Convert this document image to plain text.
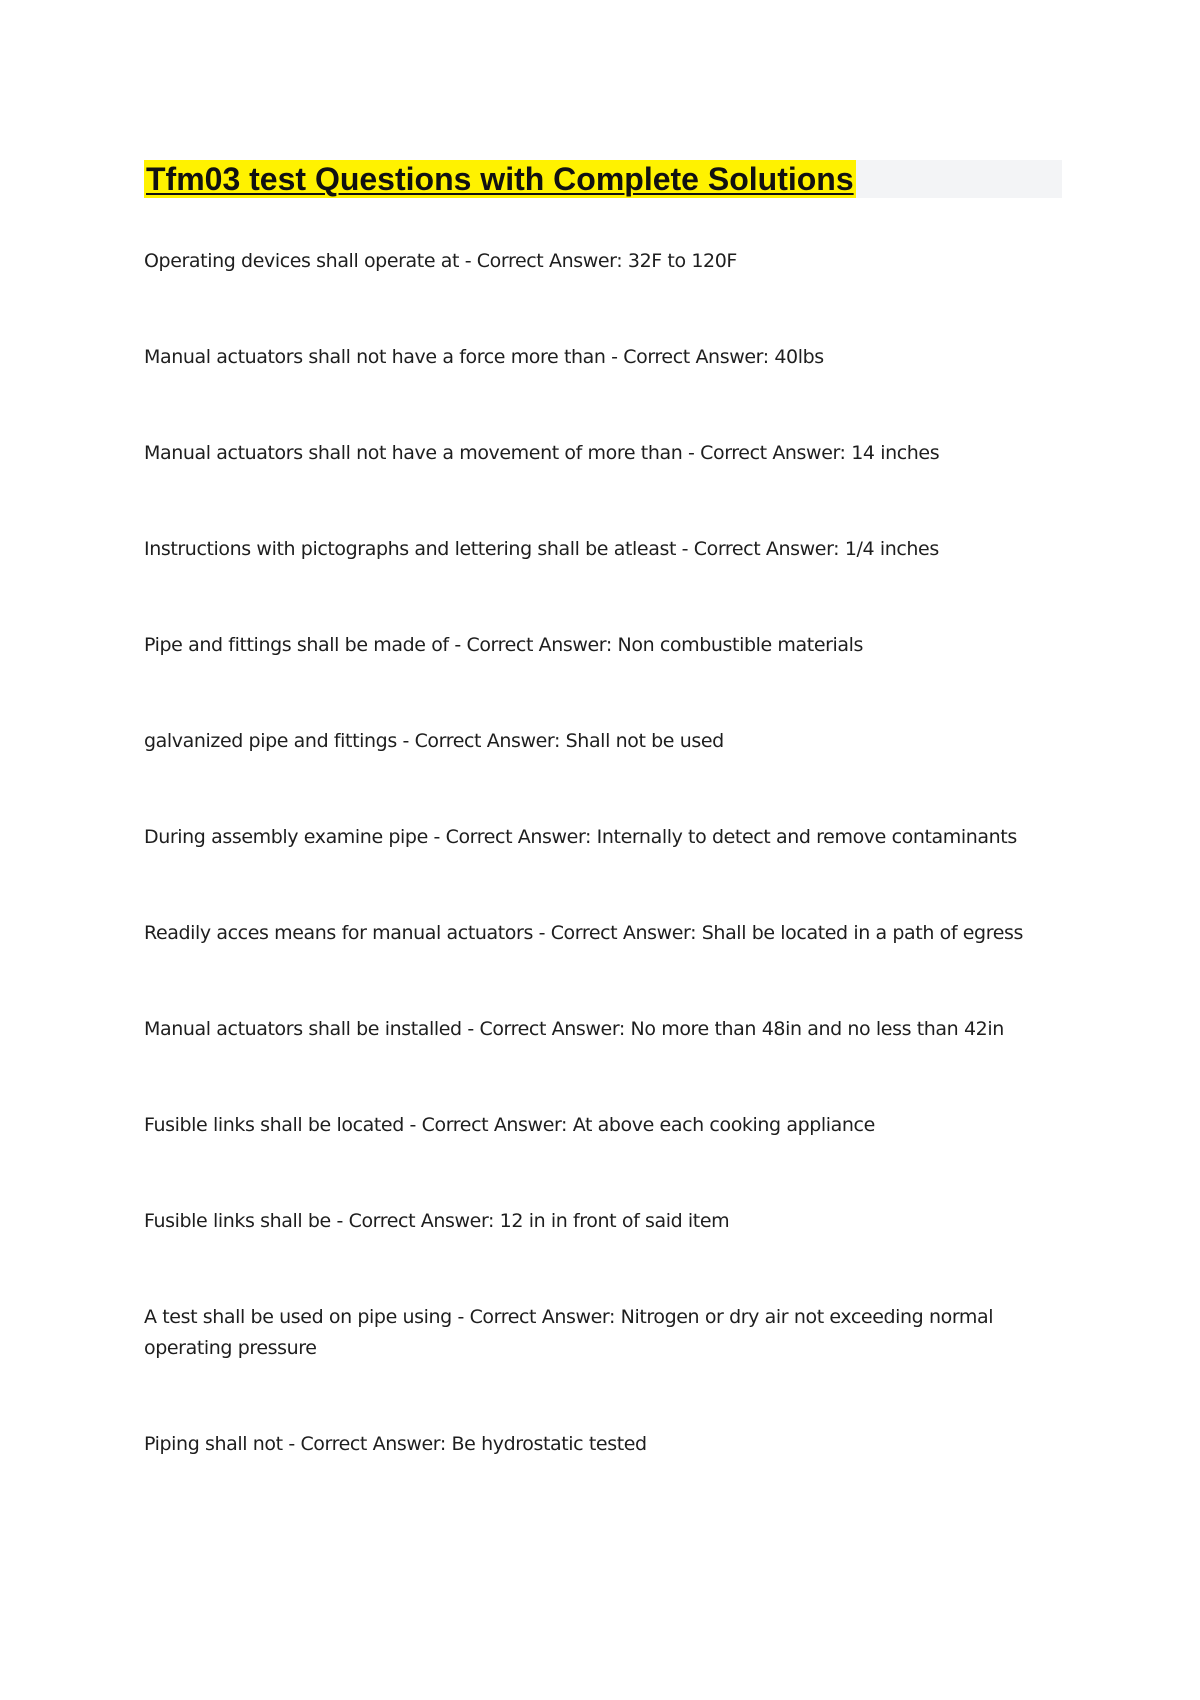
Tfm03 test Questions with Complete Solutions
Operating devices shall operate at - Correct Answer: 32F to 120F
Manual actuators shall not have a force more than - Correct Answer: 40lbs
Manual actuators shall not have a movement of more than - Correct Answer: 14 inches
Instructions with pictographs and lettering shall be atleast - Correct Answer: 1/4 inches
Pipe and fittings shall be made of - Correct Answer: Non combustible materials
galvanized pipe and fittings - Correct Answer: Shall not be used
During assembly examine pipe - Correct Answer: Internally to detect and remove contaminants
Readily acces means for manual actuators - Correct Answer: Shall be located in a path of egress
Manual actuators shall be installed - Correct Answer: No more than 48in and no less than 42in
Fusible links shall be located - Correct Answer: At above each cooking appliance
Fusible links shall be - Correct Answer: 12 in in front of said item
A test shall be used on pipe using - Correct Answer: Nitrogen or dry air not exceeding normal operating pressure
Piping shall not - Correct Answer: Be hydrostatic tested
